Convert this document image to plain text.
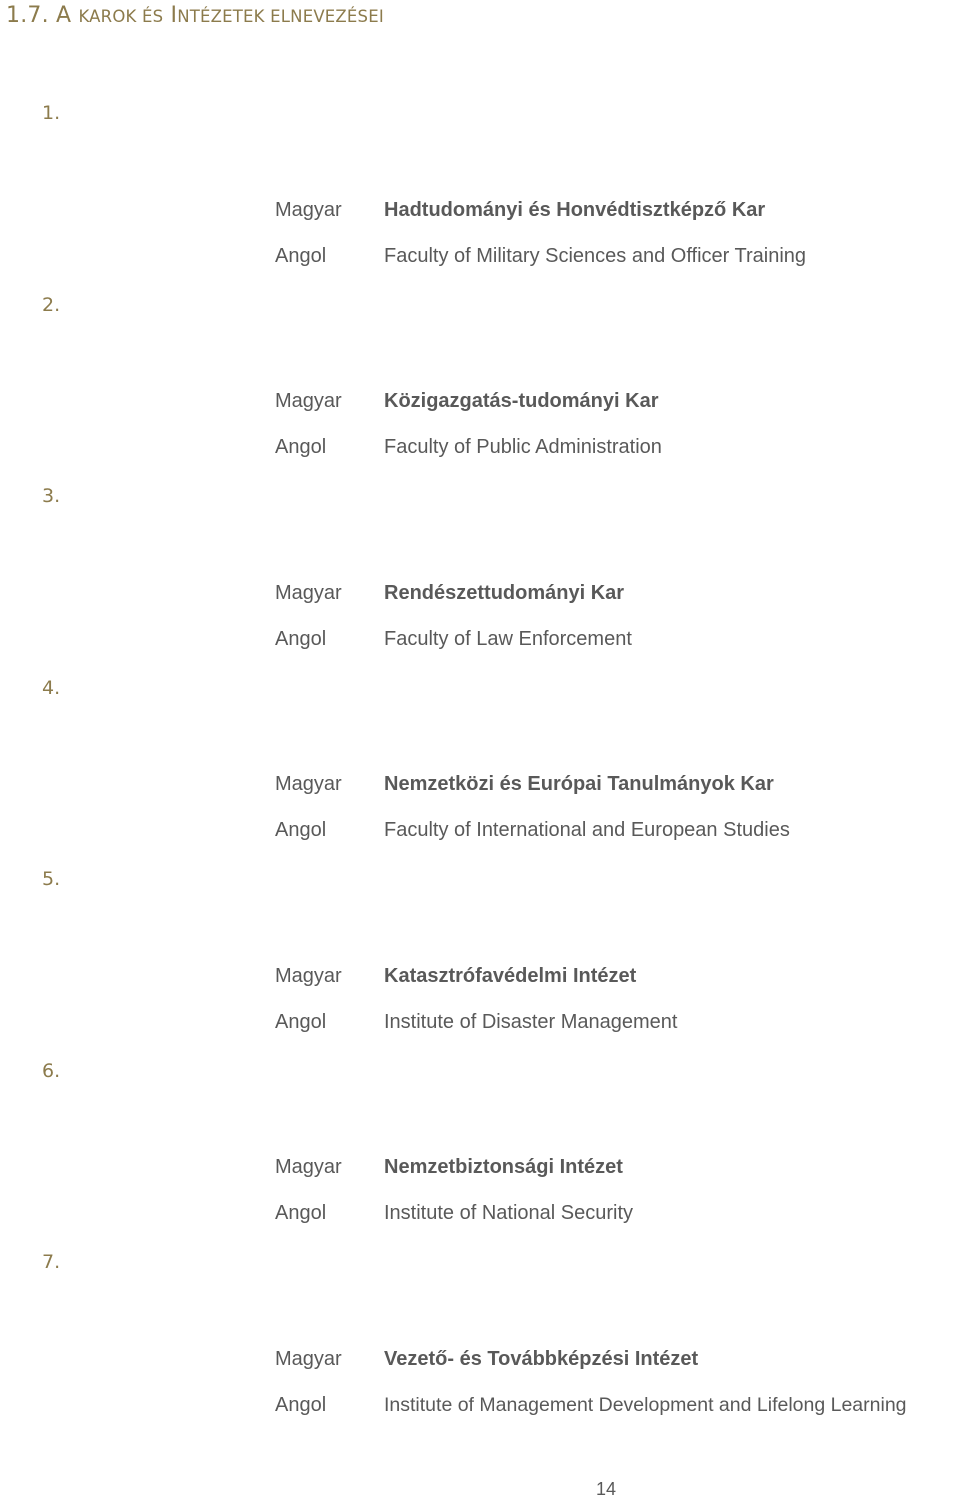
1.7. A KAROK ÉS INTÉZETEK ELNEVEZÉSEI
1.
Magyar Hadtudományi és Honvédtisztképző Kar
Angol	Faculty of Military Sciences and Officer Training
2.
Magyar Közigazgatás-tudományi Kar
Angol	Faculty of Public Administration
3.
Magyar Rendészettudományi Kar
Angol	Faculty of Law Enforcement
4.
Magyar Nemzetközi és Európai Tanulmányok Kar
Angol	Faculty of International and European Studies
5.
Magyar Katasztrófavédelmi Intézet
Angol	Institute of Disaster Management
6.
Magyar Nemzetbiztonsági Intézet
Angol	Institute of National Security
7.
Magyar Vezető- és Továbbképzési Intézet
Angol	Institute of Management Development and Lifelong Learning
14
